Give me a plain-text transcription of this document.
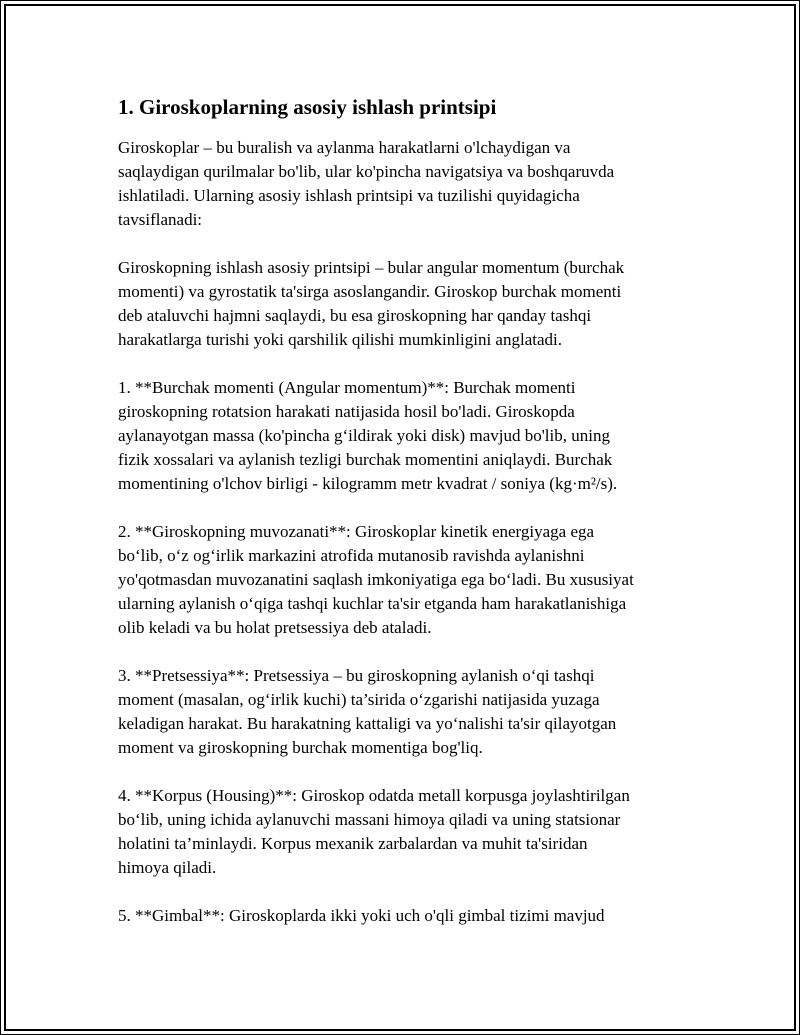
1. Giroskoplarning asosiy ishlash printsipi

Giroskoplar – bu buralish va aylanma harakatlarni o'lchaydigan va
saqlaydigan qurilmalar bo'lib, ular ko'pincha navigatsiya va boshqaruvda
ishlatiladi. Ularning asosiy ishlash printsipi va tuzilishi quyidagicha
tavsiflanadi:

Giroskopning ishlash asosiy printsipi – bular angular momentum (burchak
momenti) va gyrostatik ta'sirga asoslangandir. Giroskop burchak momenti
deb ataluvchi hajmni saqlaydi, bu esa giroskopning har qanday tashqi
harakatlarga turishi yoki qarshilik qilishi mumkinligini anglatadi.

1. **Burchak momenti (Angular momentum)**: Burchak momenti
giroskopning rotatsion harakati natijasida hosil bo'ladi. Giroskopda
aylanayotgan massa (ko'pincha g‘ildirak yoki disk) mavjud bo'lib, uning
fizik xossalari va aylanish tezligi burchak momentini aniqlaydi. Burchak
momentining o'lchov birligi - kilogramm metr kvadrat / soniya (kg·m²/s).

2. **Giroskopning muvozanati**: Giroskoplar kinetik energiyaga ega
bo‘lib, o‘z og‘irlik markazini atrofida mutanosib ravishda aylanishni
yo'qotmasdan muvozanatini saqlash imkoniyatiga ega bo‘ladi. Bu xususiyat
ularning aylanish o‘qiga tashqi kuchlar ta'sir etganda ham harakatlanishiga
olib keladi va bu holat pretsessiya deb ataladi.

3. **Pretsessiya**: Pretsessiya – bu giroskopning aylanish o‘qi tashqi
moment (masalan, og‘irlik kuchi) ta’sirida o‘zgarishi natijasida yuzaga
keladigan harakat. Bu harakatning kattaligi va yo‘nalishi ta'sir qilayotgan
moment va giroskopning burchak momentiga bog'liq.

4. **Korpus (Housing)**: Giroskop odatda metall korpusga joylashtirilgan
bo‘lib, uning ichida aylanuvchi massani himoya qiladi va uning statsionar
holatini ta’minlaydi. Korpus mexanik zarbalardan va muhit ta'siridan
himoya qiladi.

5. **Gimbal**: Giroskoplarda ikki yoki uch o'qli gimbal tizimi mavjud
